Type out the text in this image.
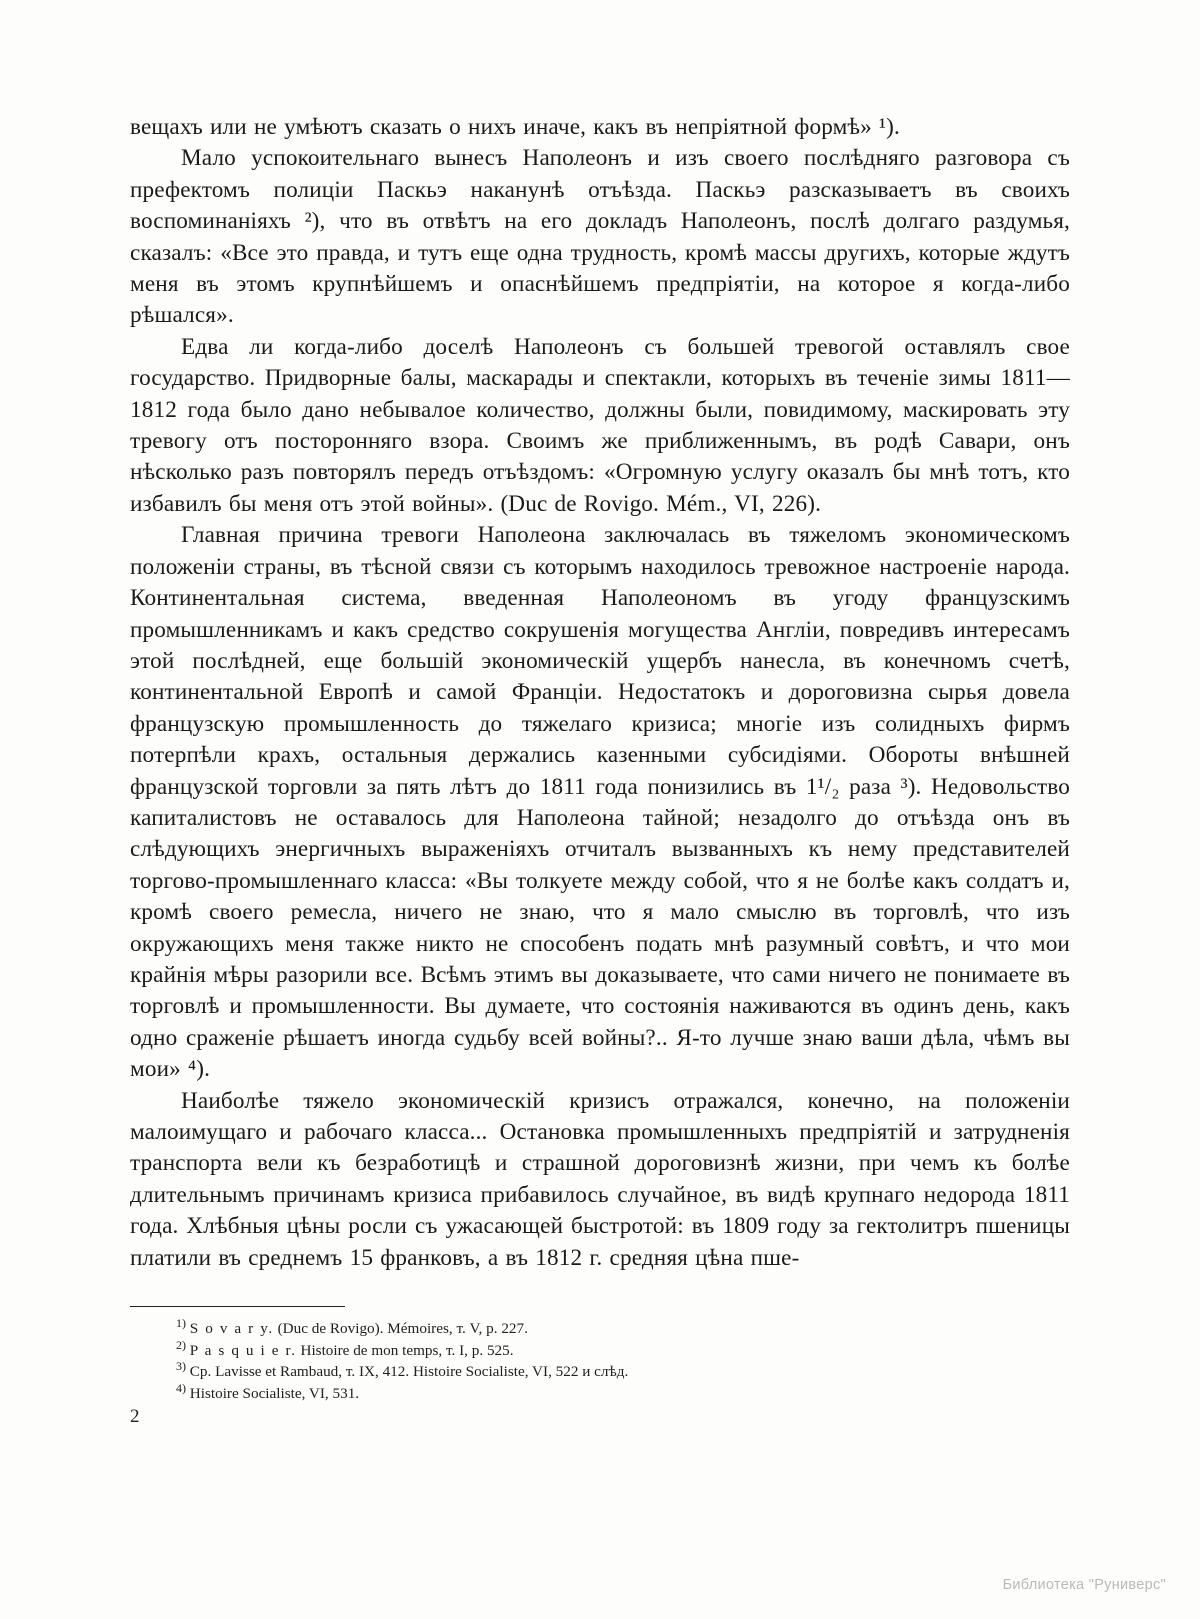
вещахъ или не умѣютъ сказать о нихъ иначе, какъ въ непріятной формѣ» ¹).

Мало успокоительнаго вынесъ Наполеонъ и изъ своего послѣдняго разговора съ префектомъ полиціи Паскьэ наканунѣ отъѣзда. Паскьэ разсказываетъ въ своихъ воспоминаніяхъ ²), что въ отвѣтъ на его докладъ Наполеонъ, послѣ долгаго раздумья, сказалъ: «Все это правда, и тутъ еще одна трудность, кромѣ массы другихъ, которые ждутъ меня въ этомъ крупнѣйшемъ и опаснѣйшемъ предпріятіи, на которое я когда-либо рѣшался».

Едва ли когда-либо доселѣ Наполеонъ съ большей тревогой оставлялъ свое государство. Придворные балы, маскарады и спектакли, которыхъ въ теченіе зимы 1811—1812 года было дано небывалое количество, должны были, повидимому, маскировать эту тревогу отъ посторонняго взора. Своимъ же приближеннымъ, въ родѣ Савари, онъ нѣсколько разъ повторялъ передъ отъѣздомъ: «Огромную услугу оказалъ бы мнѣ тотъ, кто избавилъ бы меня отъ этой войны». (Duc de Rovigo. Mém., VI, 226).

Главная причина тревоги Наполеона заключалась въ тяжеломъ экономическомъ положеніи страны, въ тѣсной связи съ которымъ находилось тревожное настроеніе народа. Континентальная система, введенная Наполеономъ въ угоду французскимъ промышленникамъ и какъ средство сокрушенія могущества Англіи, повредивъ интересамъ этой послѣдней, еще большій экономическій ущербъ нанесла, въ конечномъ счетѣ, континентальной Европѣ и самой Франціи. Недостатокъ и дороговизна сырья довела французскую промышленность до тяжелаго кризиса; многіе изъ солидныхъ фирмъ потерпѣли крахъ, остальныя держались казенными субсидіями. Обороты внѣшней французской торговли за пять лѣтъ до 1811 года понизились въ 1¹/₂ раза ³). Недовольство капиталистовъ не оставалось для Наполеона тайной; незадолго до отъѣзда онъ въ слѣдующихъ энергичныхъ выраженіяхъ отчиталъ вызванныхъ къ нему представителей торгово-промышленнаго класса: «Вы толкуете между собой, что я не болѣе какъ солдатъ и, кромѣ своего ремесла, ничего не знаю, что я мало смыслю въ торговлѣ, что изъ окружающихъ меня также никто не способенъ подать мнѣ разумный совѣтъ, и что мои крайнія мѣры разорили все. Всѣмъ этимъ вы доказываете, что сами ничего не понимаете въ торговлѣ и промышленности. Вы думаете, что состоянія наживаются въ одинъ день, какъ одно сраженіе рѣшаетъ иногда судьбу всей войны?.. Я-то лучше знаю ваши дѣла, чѣмъ вы мои» ⁴).

Наиболѣе тяжело экономическій кризисъ отражался, конечно, на положеніи малоимущаго и рабочаго класса... Остановка промышленныхъ предпріятій и затрудненія транспорта вели къ безработицѣ и страшной дороговизнѣ жизни, при чемъ къ болѣе длительнымъ причинамъ кризиса прибавилось случайное, въ видѣ крупнаго недорода 1811 года. Хлѣбныя цѣны росли съ ужасающей быстротой: въ 1809 году за гектолитръ пшеницы платили въ среднемъ 15 франковъ, а въ 1812 г. средняя цѣна пше-

$^{1)}$ S o v a r y. (Duc de Rovigo). Mémoires, т. V, p. 227.
$^{2)}$ P a s q u i e r. Histoire de mon temps, т. I, p. 525.
$^{3)}$ Ср. Lavisse et Rambaud, т. IX, 412. Histoire Socialiste, VI, 522 и слѣд.
$^{4)}$ Histoire Socialiste, VI, 531.
2
Библиотека "Руниверс"
